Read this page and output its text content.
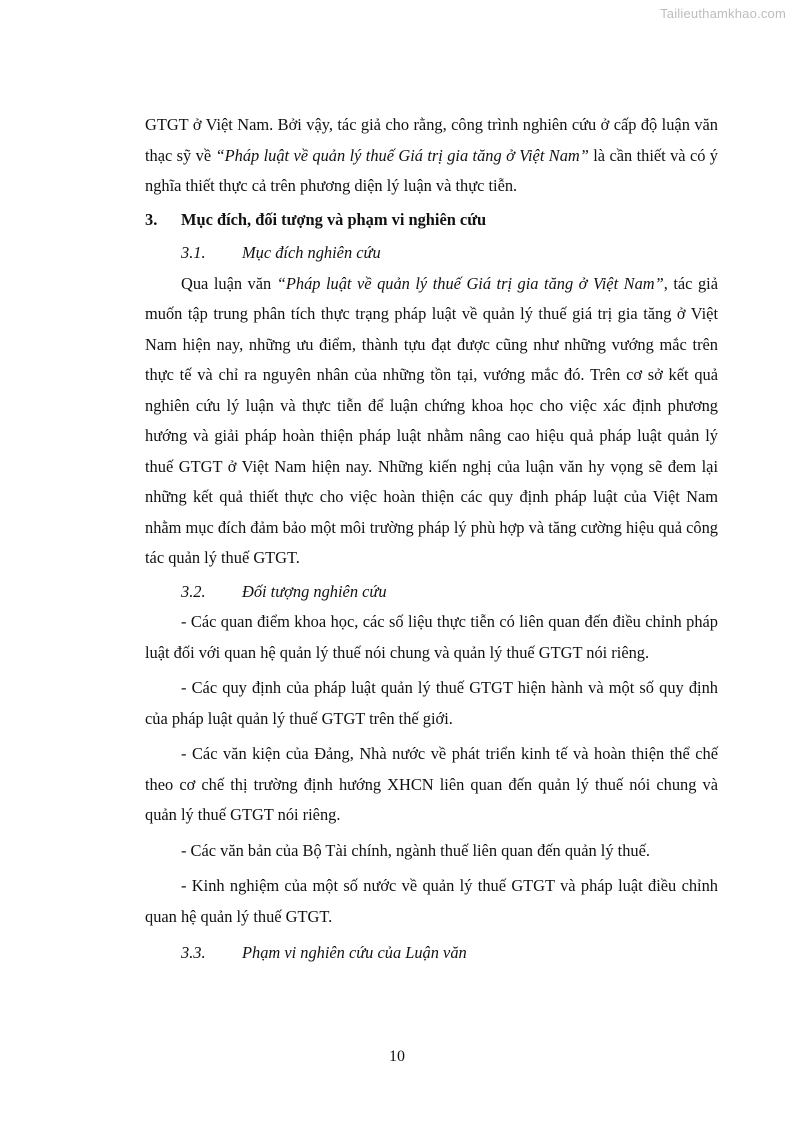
Tailieuthamkhao.com

GTGT ở Việt Nam. Bởi vậy, tác giả cho rằng, công trình nghiên cứu ở cấp độ luận văn thạc sỹ về “Pháp luật về quản lý thuế Giá trị gia tăng ở Việt Nam” là cần thiết và có ý nghĩa thiết thực cả trên phương diện lý luận và thực tiễn.

3.	Mục đích, đối tượng và phạm vi nghiên cứu
3.1.	Mục đích nghiên cứu

Qua luận văn “Pháp luật về quản lý thuế Giá trị gia tăng ở Việt Nam”, tác giả muốn tập trung phân tích thực trạng pháp luật về quản lý thuế giá trị gia tăng ở Việt Nam hiện nay, những ưu điểm, thành tựu đạt được cũng như những vướng mắc trên thực tế và chỉ ra nguyên nhân của những tồn tại, vướng mắc đó. Trên cơ sở kết quả nghiên cứu lý luận và thực tiễn để luận chứng khoa học cho việc xác định phương hướng và giải pháp hoàn thiện pháp luật nhằm nâng cao hiệu quả pháp luật quản lý thuế GTGT ở Việt Nam hiện nay. Những kiến nghị của luận văn hy vọng sẽ đem lại những kết quả thiết thực cho việc hoàn thiện các quy định pháp luật của Việt Nam nhằm mục đích đảm bảo một môi trường pháp lý phù hợp và tăng cường hiệu quả công tác quản lý thuế GTGT.

3.2.	Đối tượng nghiên cứu

- Các quan điểm khoa học, các số liệu thực tiễn có liên quan đến điều chỉnh pháp luật đối với quan hệ quản lý thuế nói chung và quản lý thuế GTGT nói riêng.

- Các quy định của pháp luật quản lý thuế GTGT hiện hành và một số quy định của pháp luật quản lý thuế GTGT trên thế giới.

- Các văn kiện của Đảng, Nhà nước về phát triển kinh tế và hoàn thiện thể chế theo cơ chế thị trường định hướng XHCN liên quan đến quản lý thuế nói chung và quản lý thuế GTGT nói riêng.

- Các văn bản của Bộ Tài chính, ngành thuế liên quan đến quản lý thuế.

- Kinh nghiệm của một số nước về quản lý thuế GTGT và pháp luật điều chỉnh quan hệ quản lý thuế GTGT.

3.3.	Phạm vi nghiên cứu của Luận văn
10
